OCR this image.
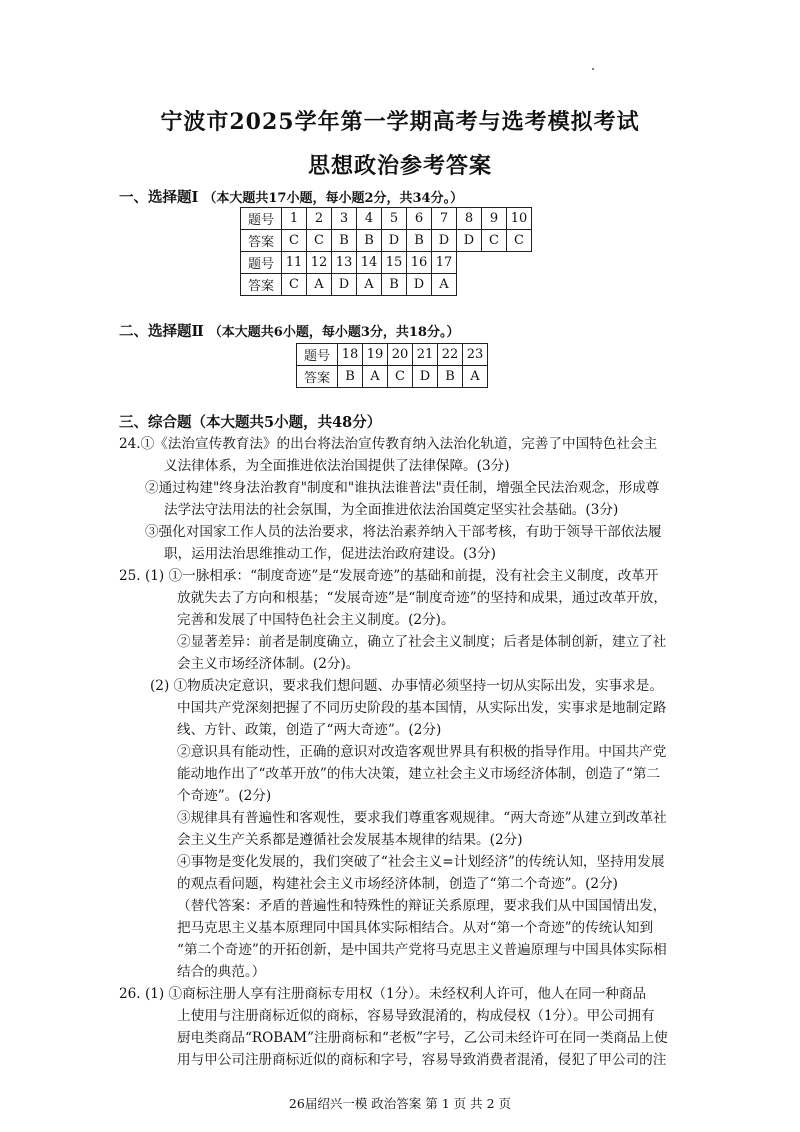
宁波市2025学年第一学期高考与选考模拟考试
思想政治参考答案
一、选择题Ⅰ （本大题共17小题，每小题2分，共34分。）
题号	1	2	3	4	5	6	7	8	9	10
答案	C	C	B	B	D	B	D	D	C	C
题号	11	12	13	14	15	16	17			
答案	C	A	D	A	B	D	A			
二、选择题Ⅱ （本大题共6小题，每小题3分，共18分。）
题号	18	19	20	21	22	23
答案	B	A	C	D	B	A
三、综合题（本大题共5小题，共48分）
24.①《法治宣传教育法》的出台将法治宣传教育纳入法治化轨道，完善了中国特色社会主
义法律体系，为全面推进依法治国提供了法律保障。(3分)
②通过构建"终身法治教育"制度和"谁执法谁普法"责任制，增强全民法治观念，形成尊
法学法守法用法的社会氛围，为全面推进依法治国奠定坚实社会基础。(3分)
③强化对国家工作人员的法治要求，将法治素养纳入干部考核，有助于领导干部依法履
职，运用法治思维推动工作，促进法治政府建设。(3分)
25. (1) ①一脉相承：“制度奇迹”是“发展奇迹”的基础和前提，没有社会主义制度，改革开
放就失去了方向和根基；“发展奇迹”是“制度奇迹”的坚持和成果，通过改革开放，
完善和发展了中国特色社会主义制度。(2分)。
②显著差异：前者是制度确立，确立了社会主义制度；后者是体制创新，建立了社
会主义市场经济体制。(2分)。
(2) ①物质决定意识，要求我们想问题、办事情必须坚持一切从实际出发，实事求是。
中国共产党深刻把握了不同历史阶段的基本国情，从实际出发，实事求是地制定路
线、方针、政策，创造了“两大奇迹”。(2分)
②意识具有能动性，正确的意识对改造客观世界具有积极的指导作用。中国共产党
能动地作出了“改革开放”的伟大决策，建立社会主义市场经济体制，创造了“第二
个奇迹”。(2分)
③规律具有普遍性和客观性，要求我们尊重客观规律。“两大奇迹”从建立到改革社
会主义生产关系都是遵循社会发展基本规律的结果。(2分)
④事物是变化发展的，我们突破了“社会主义=计划经济”的传统认知，坚持用发展
的观点看问题，构建社会主义市场经济体制，创造了“第二个奇迹”。(2分)
（替代答案：矛盾的普遍性和特殊性的辩证关系原理，要求我们从中国国情出发，
把马克思主义基本原理同中国具体实际相结合。从对“第一个奇迹”的传统认知到
“第二个奇迹”的开拓创新，是中国共产党将马克思主义普遍原理与中国具体实际相
结合的典范。）
26. (1) ①商标注册人享有注册商标专用权（1分）。未经权利人许可，他人在同一种商品
上使用与注册商标近似的商标，容易导致混淆的，构成侵权（1分）。甲公司拥有
厨电类商品“ROBAM”注册商标和“老板”字号，乙公司未经许可在同一类商品上使
用与甲公司注册商标近似的商标和字号，容易导致消费者混淆，侵犯了甲公司的注
26届绍兴一模 政治答案 第 1 页 共 2 页
